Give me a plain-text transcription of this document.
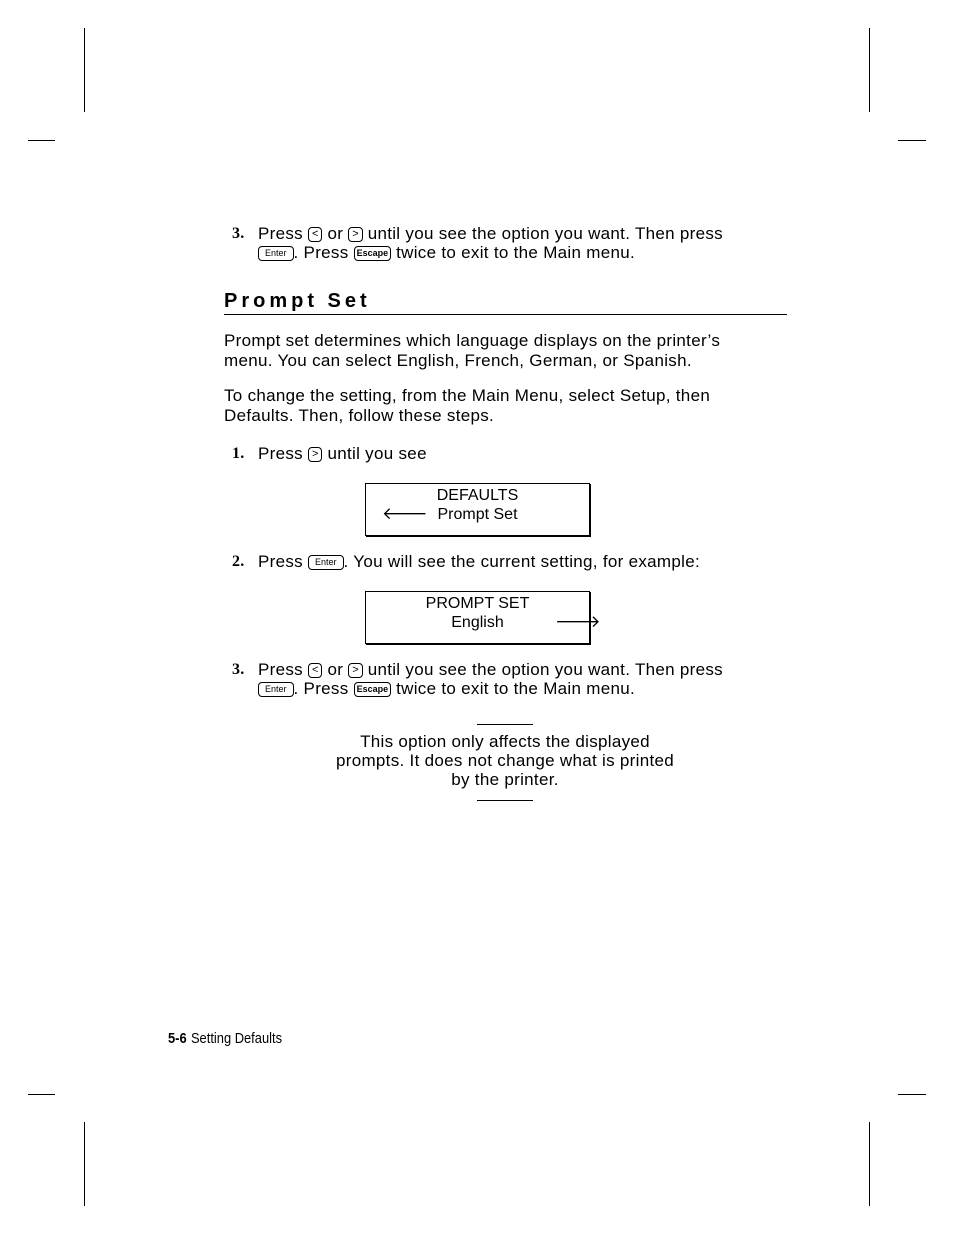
3. Press < or > until you see the option you want. Then press
Enter . Press Escape twice to exit to the Main menu.
Prompt Set
Prompt set determines which language displays on the printer’s
menu. You can select English, French, German, or Spanish.
To change the setting, from the Main Menu, select Setup, then
Defaults. Then, follow these steps.
1. Press > until you see
DEFAULTS
Prompt Set
🡐
2. Press Enter . You will see the current setting, for example:
PROMPT SET
English	🡒
3. Press < or > until you see the option you want. Then press
Enter . Press Escape twice to exit to the Main menu.
This option only affects the displayed
prompts. It does not change what is printed
by the printer.
5-6 Setting Defaults
